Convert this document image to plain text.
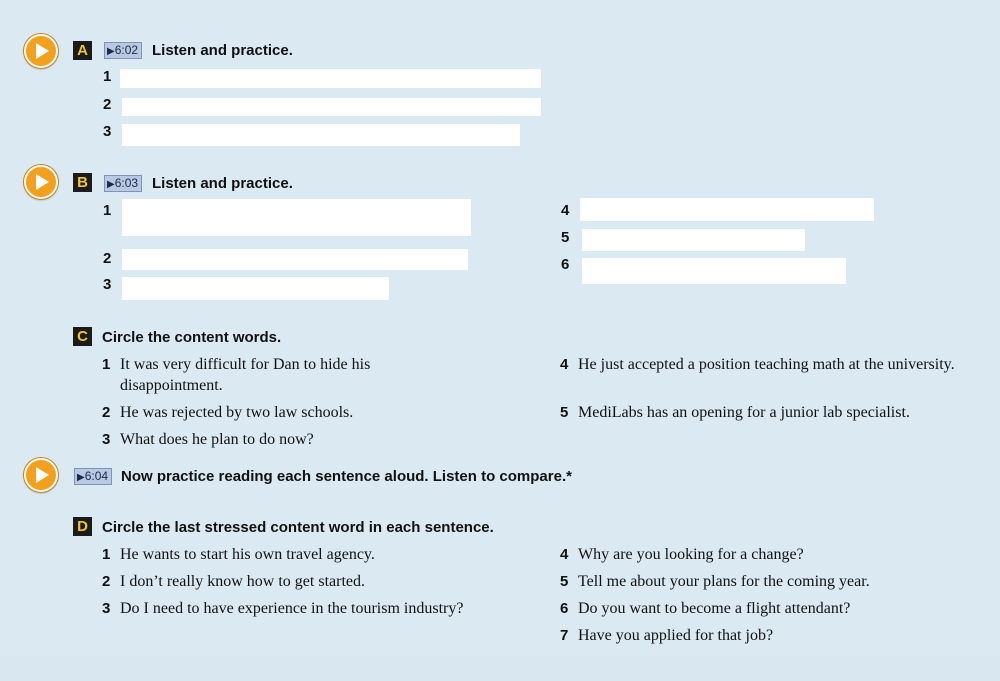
A	▶6:02 Listen and practice.
1
2
3
B	▶6:03 Listen and practice.
1
2
3
4
5
6
C Circle the content words.
1 It was very difficult for Dan to hide his disappointment.
2 He was rejected by two law schools.
3 What does he plan to do now?
4 He just accepted a position teaching math at the university.
5 MediLabs has an opening for a junior lab specialist.
▶6:04 Now practice reading each sentence aloud. Listen to compare.*
D Circle the last stressed content word in each sentence.
1 He wants to start his own travel agency.
2 I don’t really know how to get started.
3 Do I need to have experience in the tourism industry?
4 Why are you looking for a change?
5 Tell me about your plans for the coming year.
6 Do you want to become a flight attendant?
7 Have you applied for that job?
